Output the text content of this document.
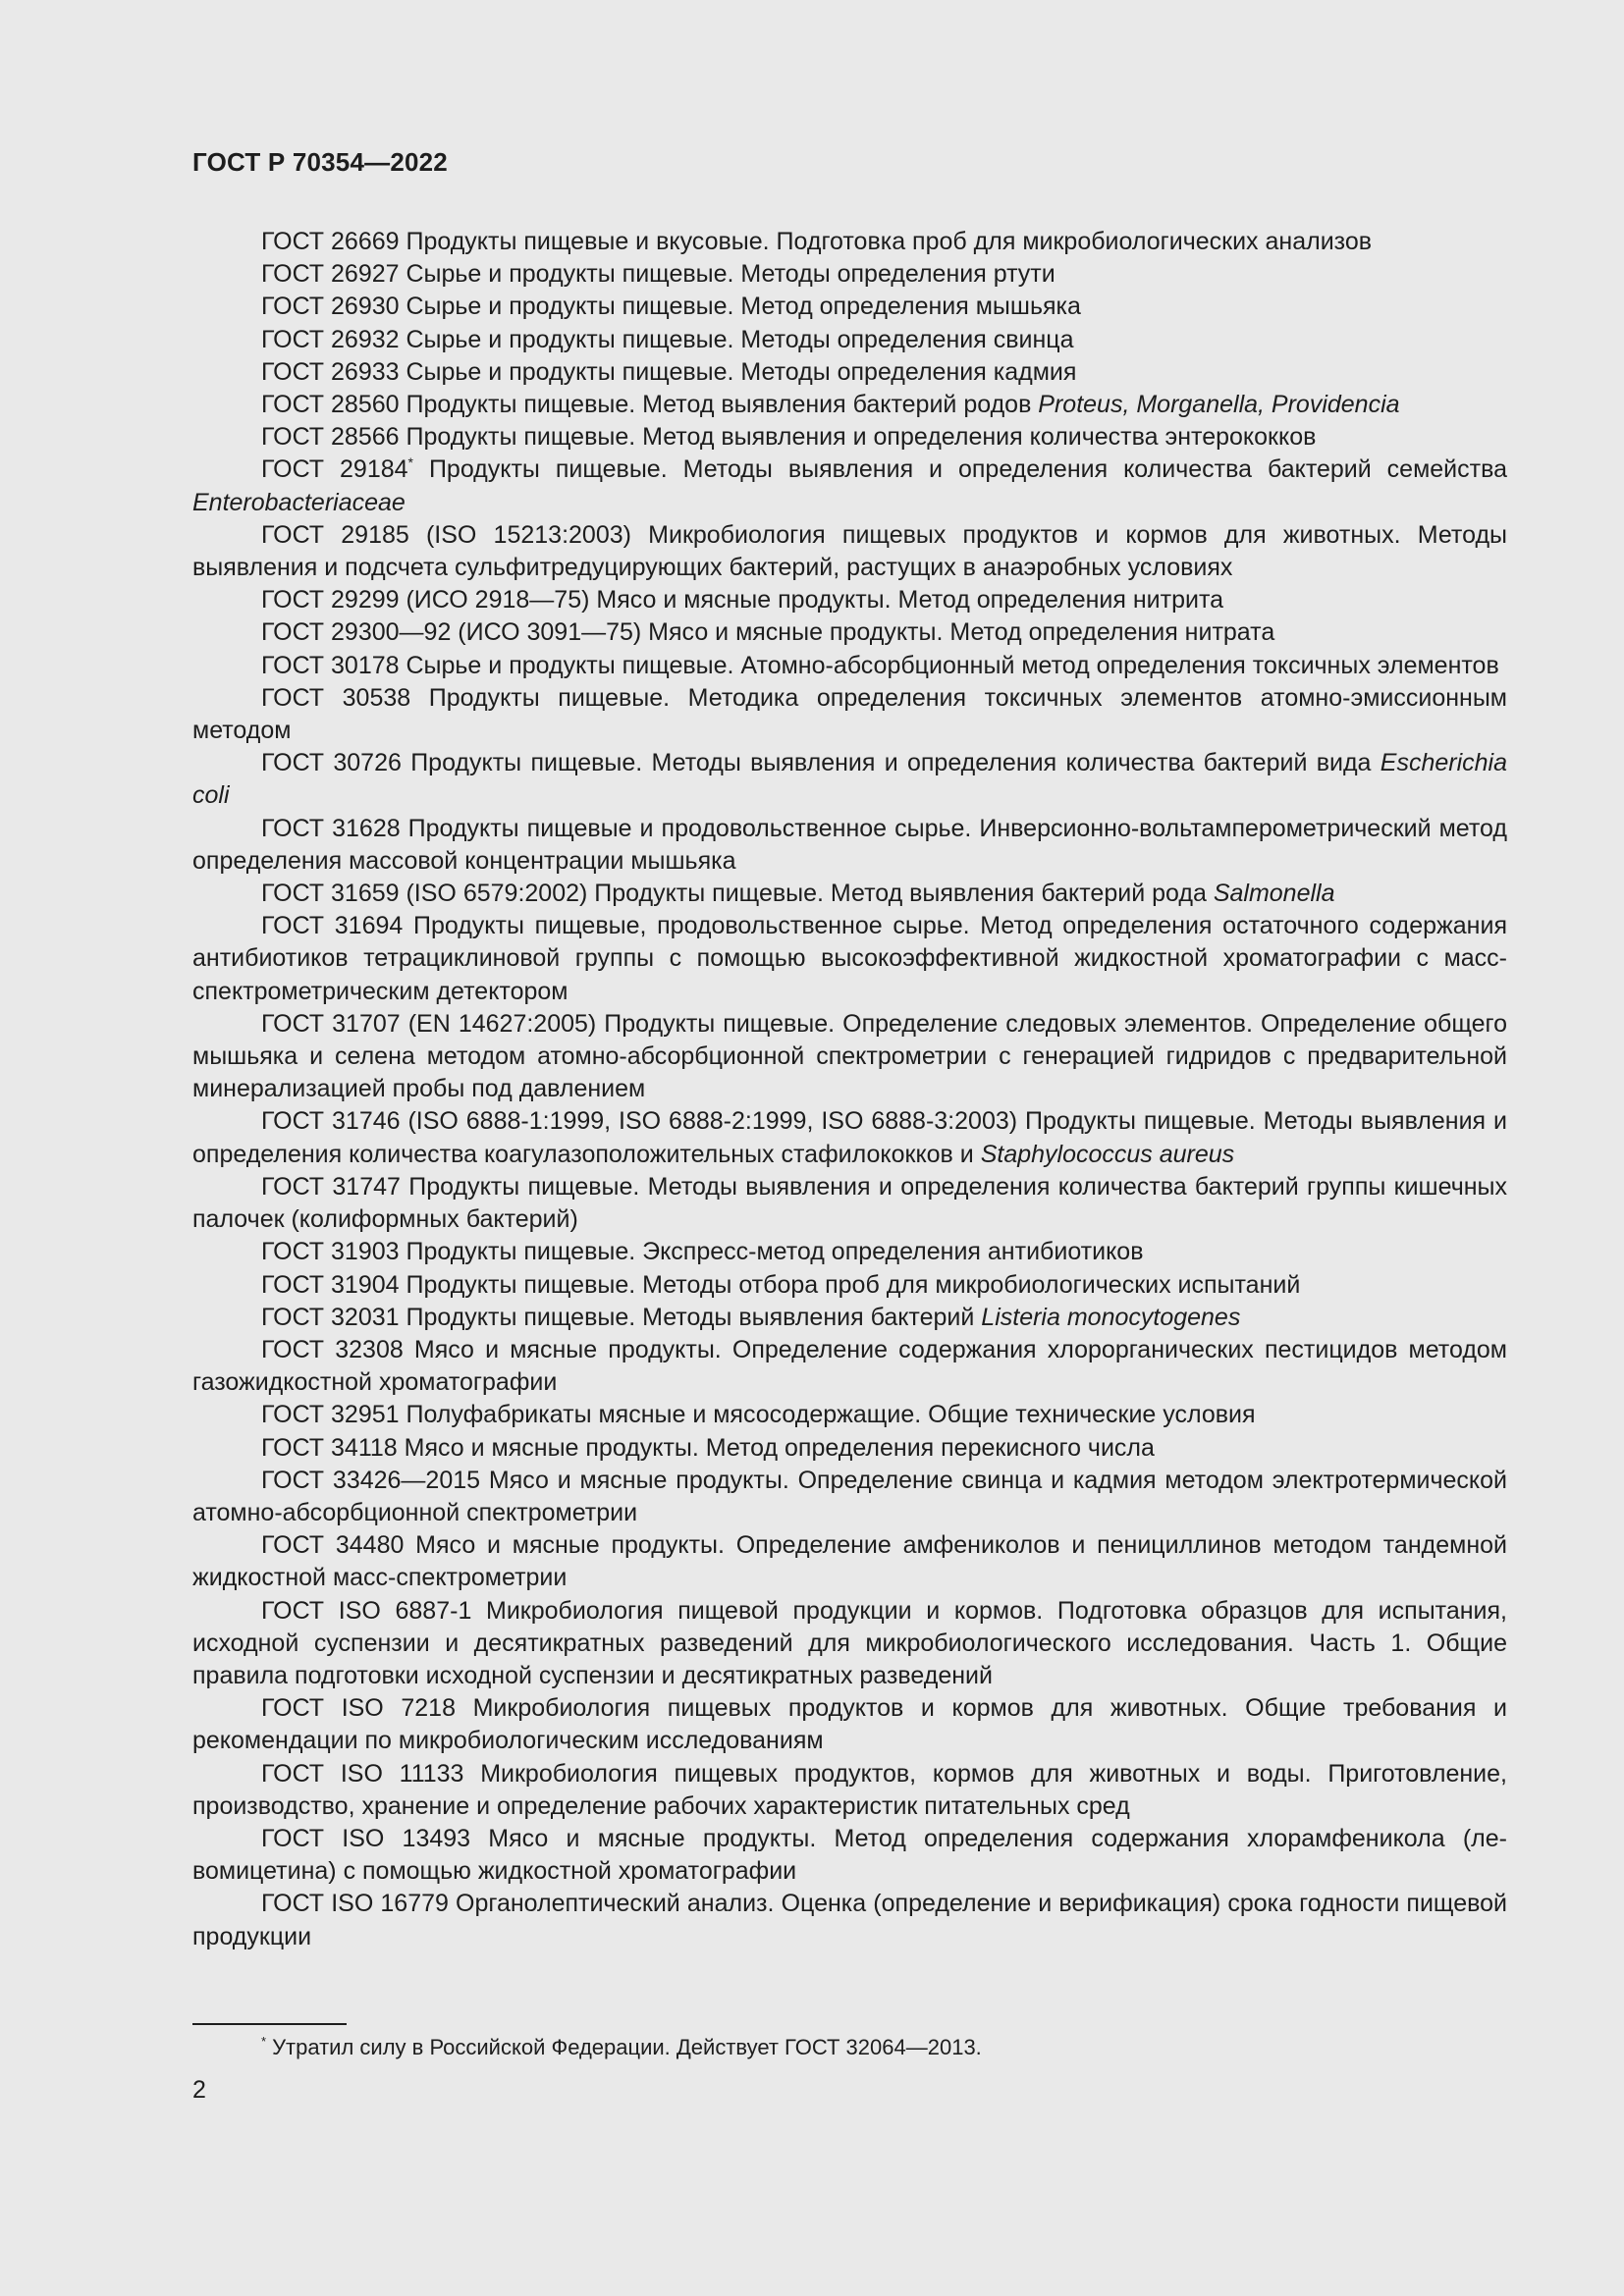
ГОСТ Р 70354—2022

ГОСТ 26669 Продукты пищевые и вкусовые. Подготовка проб для микробиологических анализов

ГОСТ 26927 Сырье и продукты пищевые. Методы определения ртути

ГОСТ 26930 Сырье и продукты пищевые. Метод определения мышьяка

ГОСТ 26932 Сырье и продукты пищевые. Методы определения свинца

ГОСТ 26933 Сырье и продукты пищевые. Методы определения кадмия

ГОСТ 28560 Продукты пищевые. Метод выявления бактерий родов Proteus, Morganella, Providencia

ГОСТ 28566 Продукты пищевые. Метод выявления и определения количества энтерококков

ГОСТ 29184* Продукты пищевые. Методы выявления и определения количества бактерий семейства Enterobacteriaceae

ГОСТ 29185 (ISO 15213:2003) Микробиология пищевых продуктов и кормов для животных. Методы выявления и подсчета сульфитредуцирующих бактерий, растущих в анаэробных условиях

ГОСТ 29299 (ИСО 2918—75) Мясо и мясные продукты. Метод определения нитрита

ГОСТ 29300—92 (ИСО 3091—75) Мясо и мясные продукты. Метод определения нитрата

ГОСТ 30178 Сырье и продукты пищевые. Атомно-абсорбционный метод определения токсичных элементов

ГОСТ 30538 Продукты пищевые. Методика определения токсичных элементов атомно-эмиссионным методом

ГОСТ 30726 Продукты пищевые. Методы выявления и определения количества бактерий вида Escherichia coli

ГОСТ 31628 Продукты пищевые и продовольственное сырье. Инверсионно-вольтамперометрический метод определения массовой концентрации мышьяка

ГОСТ 31659 (ISO 6579:2002) Продукты пищевые. Метод выявления бактерий рода Salmonella

ГОСТ 31694 Продукты пищевые, продовольственное сырье. Метод определения остаточного содержания антибиотиков тетрациклиновой группы с помощью высокоэффективной жидкостной хроматографии с масс-спектрометрическим детектором

ГОСТ 31707 (EN 14627:2005) Продукты пищевые. Определение следовых элементов. Определение общего мышьяка и селена методом атомно-абсорбционной спектрометрии с генерацией гидридов с предварительной минерализацией пробы под давлением

ГОСТ 31746 (ISO 6888-1:1999, ISO 6888-2:1999, ISO 6888-3:2003) Продукты пищевые. Методы выявления и определения количества коагулазоположительных стафилококков и Staphylococcus aureus

ГОСТ 31747 Продукты пищевые. Методы выявления и определения количества бактерий группы кишечных палочек (колиформных бактерий)

ГОСТ 31903 Продукты пищевые. Экспресс-метод определения антибиотиков

ГОСТ 31904 Продукты пищевые. Методы отбора проб для микробиологических испытаний

ГОСТ 32031 Продукты пищевые. Методы выявления бактерий Listeria monocytogenes

ГОСТ 32308 Мясо и мясные продукты. Определение содержания хлорорганических пестицидов методом газожидкостной хроматографии

ГОСТ 32951 Полуфабрикаты мясные и мясосодержащие. Общие технические условия

ГОСТ 34118 Мясо и мясные продукты. Метод определения перекисного числа

ГОСТ 33426—2015 Мясо и мясные продукты. Определение свинца и кадмия методом электротермической атомно-абсорбционной спектрометрии

ГОСТ 34480 Мясо и мясные продукты. Определение амфениколов и пенициллинов методом тандемной жидкостной масс-спектрометрии

ГОСТ ISO 6887-1 Микробиология пищевой продукции и кормов. Подготовка образцов для испытания, исходной суспензии и десятикратных разведений для микробиологического исследования. Часть 1. Общие правила подготовки исходной суспензии и десятикратных разведений

ГОСТ ISO 7218 Микробиология пищевых продуктов и кормов для животных. Общие требования и рекомендации по микробиологическим исследованиям

ГОСТ ISO 11133 Микробиология пищевых продуктов, кормов для животных и воды. Приготовление, производство, хранение и определение рабочих характеристик питательных сред

ГОСТ ISO 13493 Мясо и мясные продукты. Метод определения содержания хлорамфеникола (левомицетина) с помощью жидкостной хроматографии

ГОСТ ISO 16779 Органолептический анализ. Оценка (определение и верификация) срока годности пищевой продукции

* Утратил силу в Российской Федерации. Действует ГОСТ 32064—2013.
2
